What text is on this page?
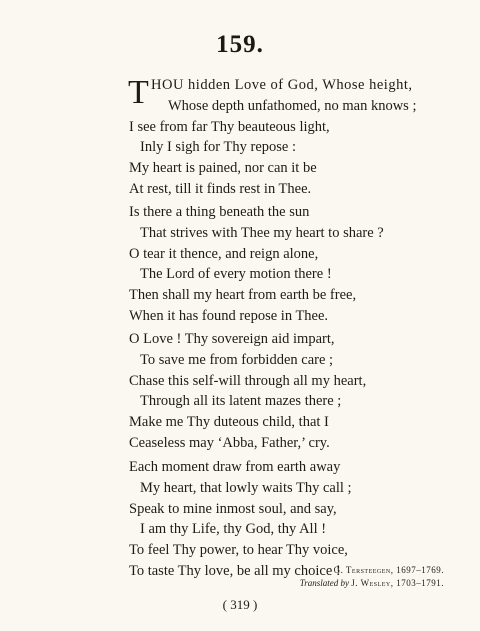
159.
T HOU hidden Love of God, Whose height,
Whose depth unfathomed, no man knows ;
I see from far Thy beauteous light,
Inly I sigh for Thy repose :
My heart is pained, nor can it be
At rest, till it finds rest in Thee.
Is there a thing beneath the sun
That strives with Thee my heart to share ?
O tear it thence, and reign alone,
The Lord of every motion there !
Then shall my heart from earth be free,
When it has found repose in Thee.
O Love ! Thy sovereign aid impart,
To save me from forbidden care ;
Chase this self-will through all my heart,
Through all its latent mazes there ;
Make me Thy duteous child, that I
Ceaseless may ‘Abba, Father,’ cry.
Each moment draw from earth away
My heart, that lowly waits Thy call ;
Speak to mine inmost soul, and say,
I am thy Life, thy God, thy All !
To feel Thy power, to hear Thy voice,
To taste Thy love, be all my choice !
G. Tersteegen, 1697–1769.
Translated by J. Wesley, 1703–1791.
( 319 )
